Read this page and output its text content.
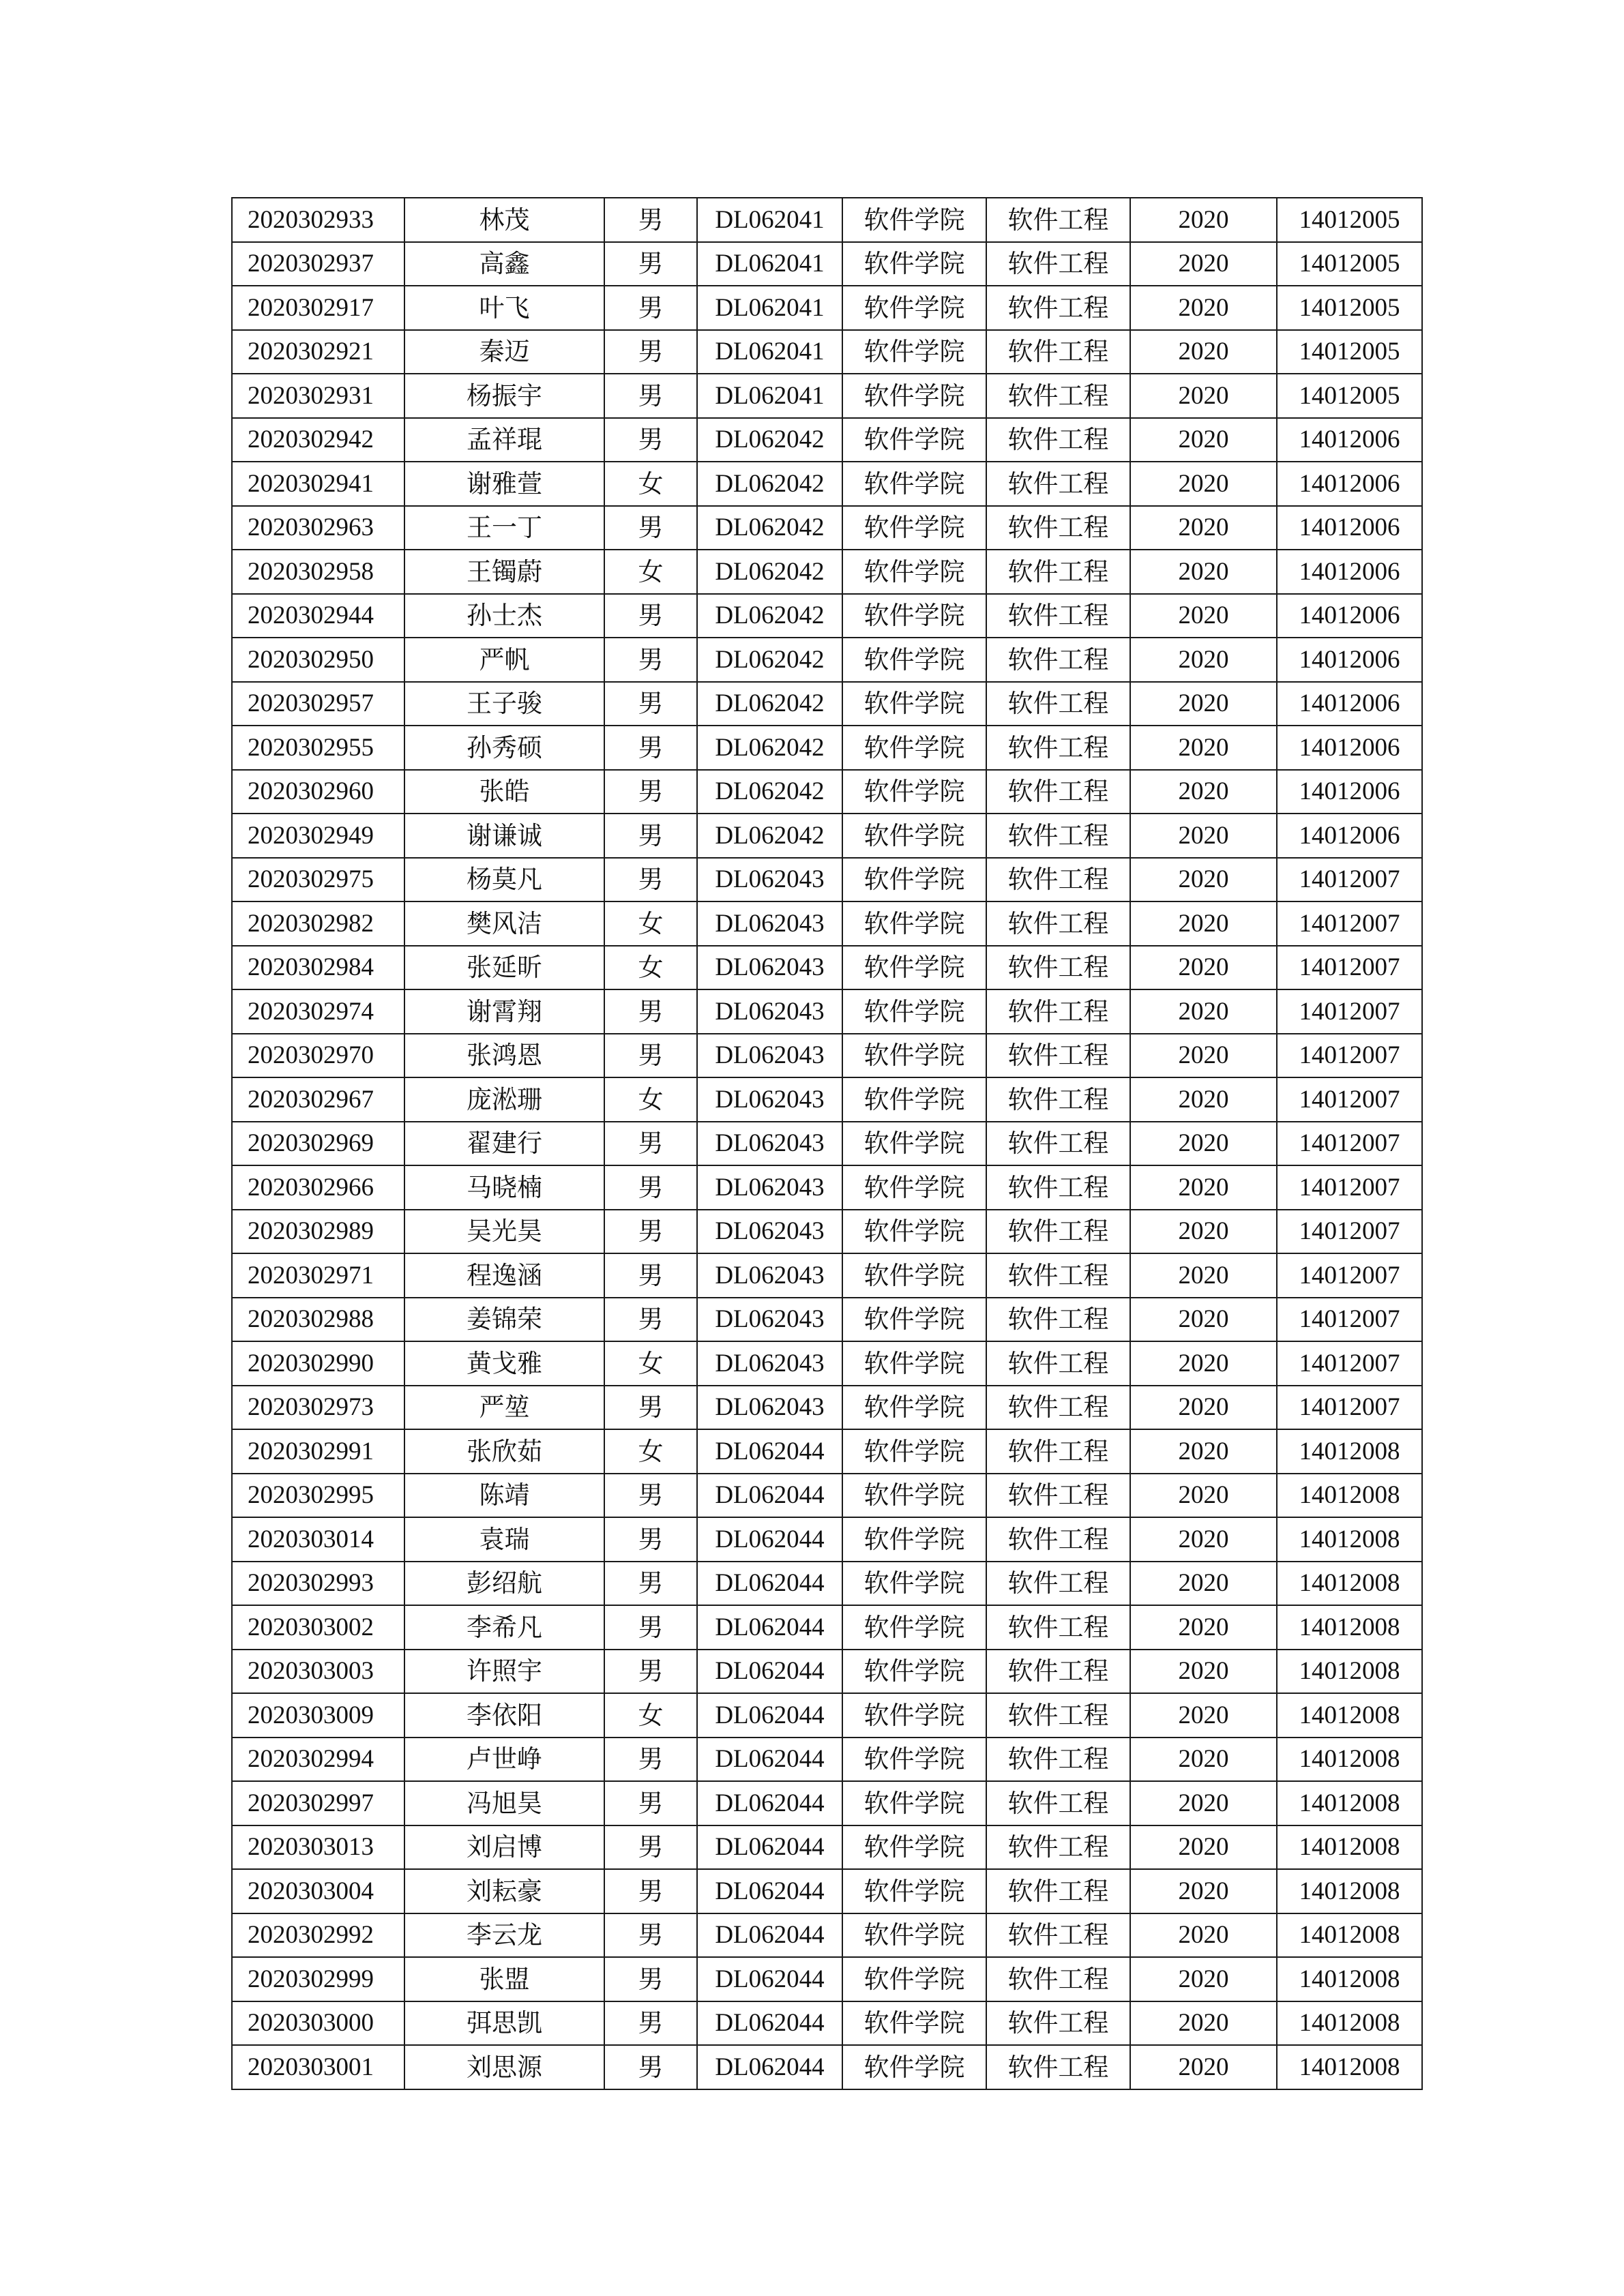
2020302933	林茂	男	DL062041	软件学院	软件工程	2020	14012005
2020302937	高鑫	男	DL062041	软件学院	软件工程	2020	14012005
2020302917	叶飞	男	DL062041	软件学院	软件工程	2020	14012005
2020302921	秦迈	男	DL062041	软件学院	软件工程	2020	14012005
2020302931	杨振宇	男	DL062041	软件学院	软件工程	2020	14012005
2020302942	孟祥琨	男	DL062042	软件学院	软件工程	2020	14012006
2020302941	谢雅萱	女	DL062042	软件学院	软件工程	2020	14012006
2020302963	王一丁	男	DL062042	软件学院	软件工程	2020	14012006
2020302958	王镯蔚	女	DL062042	软件学院	软件工程	2020	14012006
2020302944	孙士杰	男	DL062042	软件学院	软件工程	2020	14012006
2020302950	严帆	男	DL062042	软件学院	软件工程	2020	14012006
2020302957	王子骏	男	DL062042	软件学院	软件工程	2020	14012006
2020302955	孙秀硕	男	DL062042	软件学院	软件工程	2020	14012006
2020302960	张皓	男	DL062042	软件学院	软件工程	2020	14012006
2020302949	谢谦诚	男	DL062042	软件学院	软件工程	2020	14012006
2020302975	杨莫凡	男	DL062043	软件学院	软件工程	2020	14012007
2020302982	樊风洁	女	DL062043	软件学院	软件工程	2020	14012007
2020302984	张延昕	女	DL062043	软件学院	软件工程	2020	14012007
2020302974	谢霄翔	男	DL062043	软件学院	软件工程	2020	14012007
2020302970	张鸿恩	男	DL062043	软件学院	软件工程	2020	14012007
2020302967	庞淞珊	女	DL062043	软件学院	软件工程	2020	14012007
2020302969	翟建行	男	DL062043	软件学院	软件工程	2020	14012007
2020302966	马晓楠	男	DL062043	软件学院	软件工程	2020	14012007
2020302989	吴光昊	男	DL062043	软件学院	软件工程	2020	14012007
2020302971	程逸涵	男	DL062043	软件学院	软件工程	2020	14012007
2020302988	姜锦荣	男	DL062043	软件学院	软件工程	2020	14012007
2020302990	黄戈雅	女	DL062043	软件学院	软件工程	2020	14012007
2020302973	严堃	男	DL062043	软件学院	软件工程	2020	14012007
2020302991	张欣茹	女	DL062044	软件学院	软件工程	2020	14012008
2020302995	陈靖	男	DL062044	软件学院	软件工程	2020	14012008
2020303014	袁瑞	男	DL062044	软件学院	软件工程	2020	14012008
2020302993	彭绍航	男	DL062044	软件学院	软件工程	2020	14012008
2020303002	李希凡	男	DL062044	软件学院	软件工程	2020	14012008
2020303003	许照宇	男	DL062044	软件学院	软件工程	2020	14012008
2020303009	李依阳	女	DL062044	软件学院	软件工程	2020	14012008
2020302994	卢世峥	男	DL062044	软件学院	软件工程	2020	14012008
2020302997	冯旭昊	男	DL062044	软件学院	软件工程	2020	14012008
2020303013	刘启博	男	DL062044	软件学院	软件工程	2020	14012008
2020303004	刘耘豪	男	DL062044	软件学院	软件工程	2020	14012008
2020302992	李云龙	男	DL062044	软件学院	软件工程	2020	14012008
2020302999	张盟	男	DL062044	软件学院	软件工程	2020	14012008
2020303000	弭思凯	男	DL062044	软件学院	软件工程	2020	14012008
2020303001	刘思源	男	DL062044	软件学院	软件工程	2020	14012008
